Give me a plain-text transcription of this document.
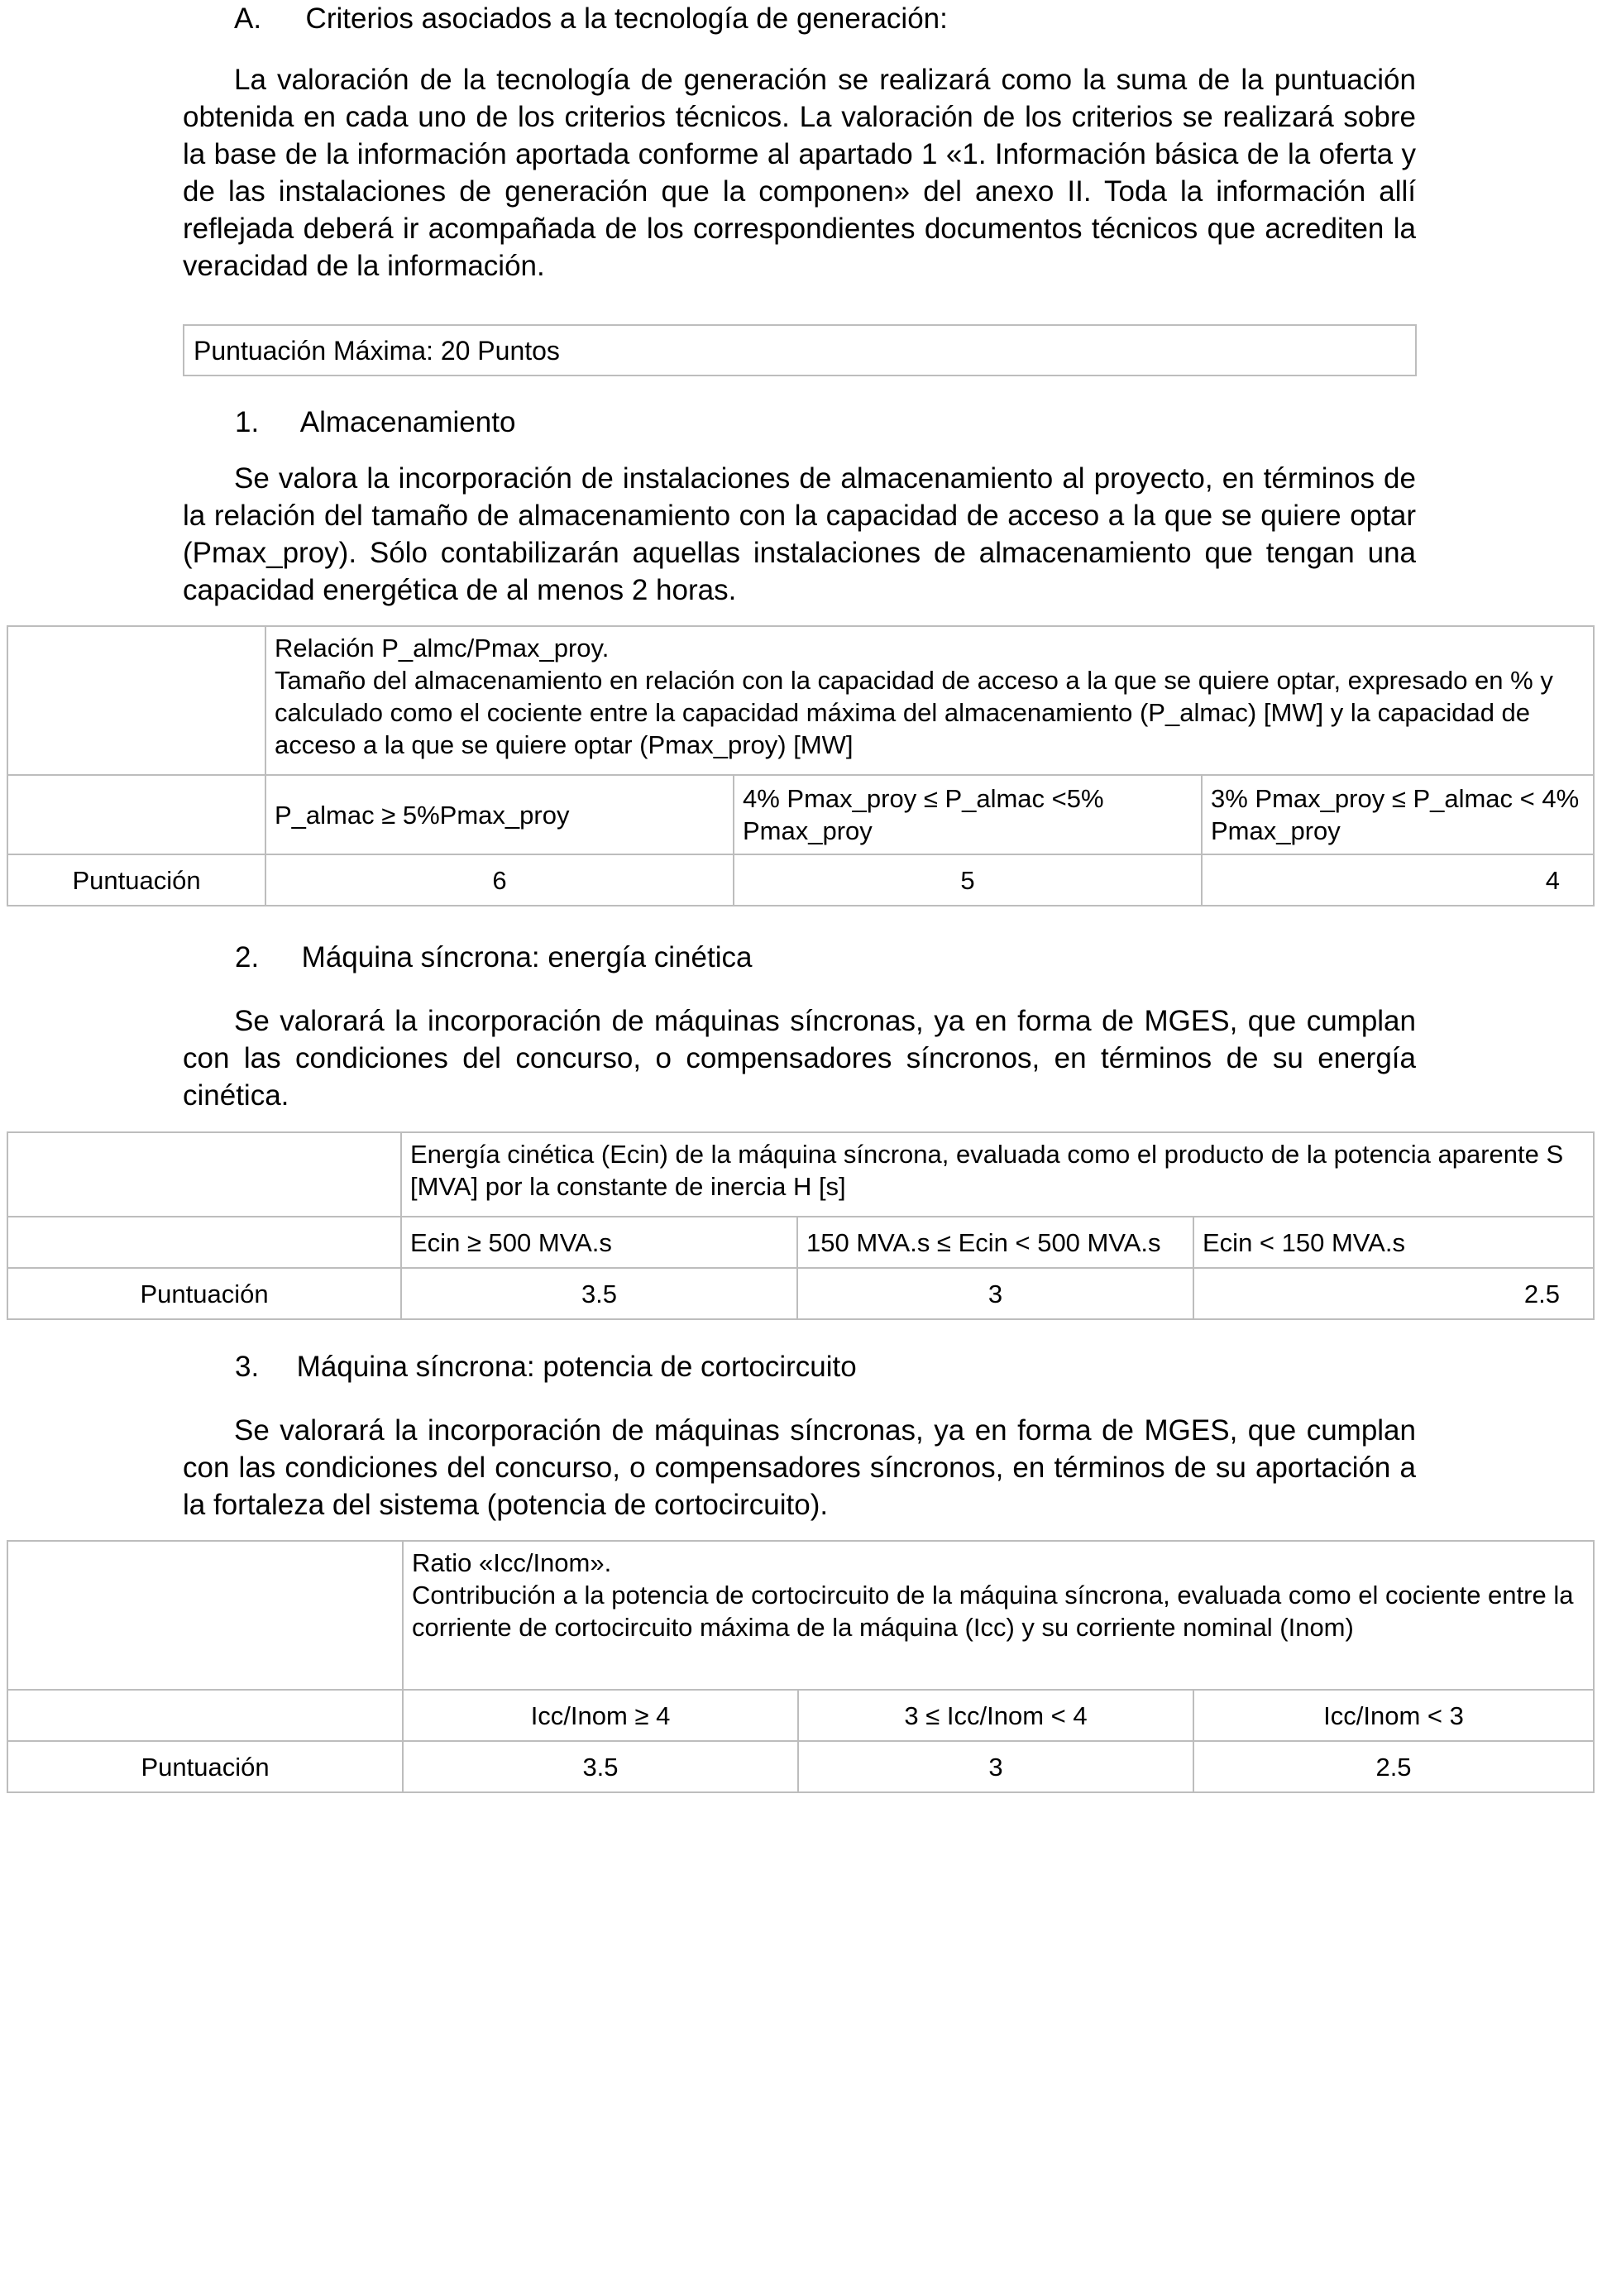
A. Criterios asociados a la tecnología de generación:
La valoración de la tecnología de generación se realizará como la suma de la puntuación obtenida en cada uno de los criterios técnicos. La valoración de los criterios se realizará sobre la base de la información aportada conforme al apartado 1 «1. Información básica de la oferta y de las instalaciones de generación que la componen» del anexo II. Toda la información allí reflejada deberá ir acompañada de los correspondientes documentos técnicos que acrediten la veracidad de la información.
Puntuación Máxima: 20 Puntos
1. Almacenamiento
Se valora la incorporación de instalaciones de almacenamiento al proyecto, en términos de la relación del tamaño de almacenamiento con la capacidad de acceso a la que se quiere optar (Pmax_proy). Sólo contabilizarán aquellas instalaciones de almacenamiento que tengan una capacidad energética de al menos 2 horas.

	Relación P_almc/Pmax_proy.
Tamaño del almacenamiento en relación con la capacidad de acceso a la que se quiere optar, expresado en % y calculado como el cociente entre la capacidad máxima del almacenamiento (P_almac) [MW] y la capacidad de acceso a la que se quiere optar (Pmax_proy) [MW]		

	P_almac ≥ 5%Pmax_proy	4% Pmax_proy ≤ P_almac <5% Pmax_proy	3% Pmax_proy ≤ P_almac < 4% Pmax_proy
Puntuación	6	5	4
2. Máquina síncrona: energía cinética
Se valorará la incorporación de máquinas síncronas, ya en forma de MGES, que cumplan con las condiciones del concurso, o compensadores síncronos, en términos de su energía cinética.

	Energía cinética (Ecin) de la máquina síncrona, evaluada como el producto de la potencia aparente S [MVA] por la constante de inercia H [s]		

	Ecin ≥ 500 MVA.s	150 MVA.s ≤ Ecin < 500 MVA.s	Ecin < 150 MVA.s
Puntuación	3.5	3	2.5
3. Máquina síncrona: potencia de cortocircuito
Se valorará la incorporación de máquinas síncronas, ya en forma de MGES, que cumplan con las condiciones del concurso, o compensadores síncronos, en términos de su aportación a la fortaleza del sistema (potencia de cortocircuito).

	Ratio «Icc/Inom».
Contribución a la potencia de cortocircuito de la máquina síncrona, evaluada como el cociente entre la corriente de cortocircuito máxima de la máquina (Icc) y su corriente nominal (Inom)		

	Icc/Inom ≥ 4	3 ≤ Icc/Inom < 4	Icc/Inom < 3
Puntuación	3.5	3	2.5
